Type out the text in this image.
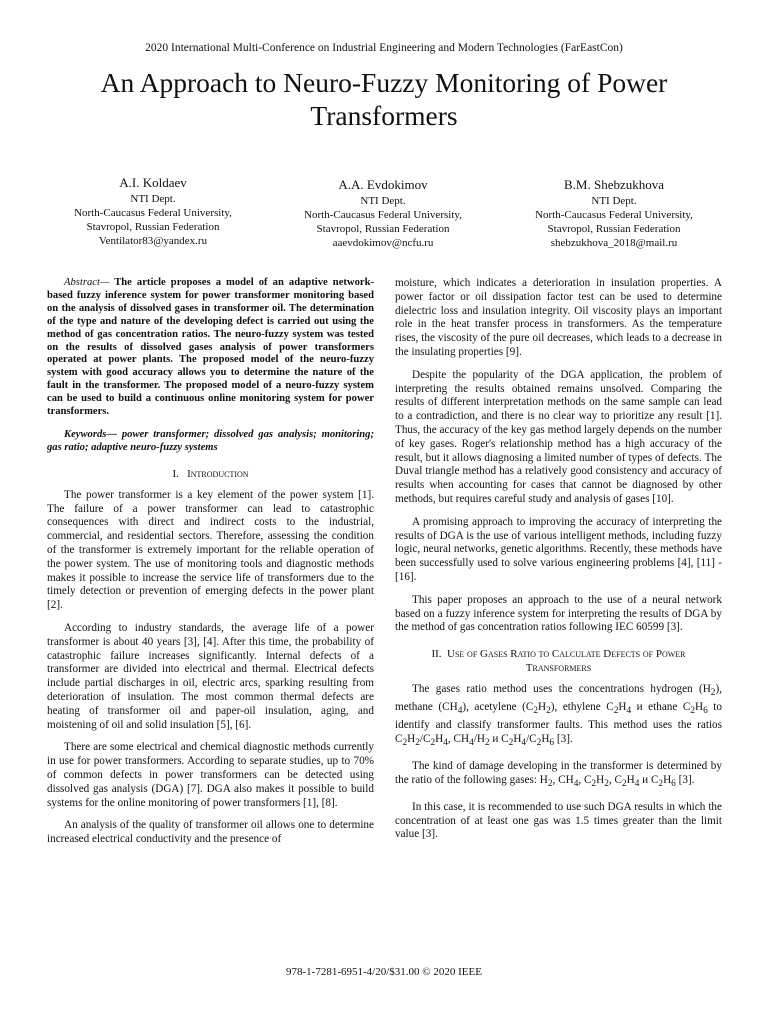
2020 International Multi-Conference on Industrial Engineering and Modern Technologies (FarEastCon)
An Approach to Neuro-Fuzzy Monitoring of Power Transformers
A.I. Koldaev
NTI Dept.
North-Caucasus Federal University,
Stavropol, Russian Federation
Ventilator83@yandex.ru
A.A. Evdokimov
NTI Dept.
North-Caucasus Federal University,
Stavropol, Russian Federation
aaevdokimov@ncfu.ru
B.M. Shebzukhova
NTI Dept.
North-Caucasus Federal University,
Stavropol, Russian Federation
shebzukhova_2018@mail.ru

Abstract— The article proposes a model of an adaptive network-based fuzzy inference system for power transformer monitoring based on the analysis of dissolved gases in transformer oil. The determination of the type and nature of the developing defect is carried out using the method of gas concentration ratios. The neuro-fuzzy system was tested on the results of dissolved gases analysis of power transformers operated at power plants. The proposed model of the neuro-fuzzy system with good accuracy allows you to determine the nature of the fault in the transformer. The proposed model of a neuro-fuzzy system can be used to build a continuous online monitoring system for power transformers.

Keywords— power transformer; dissolved gas analysis; monitoring; gas ratio; adaptive neuro-fuzzy systems

I. Introduction

The power transformer is a key element of the power system [1]. The failure of a power transformer can lead to catastrophic consequences with direct and indirect costs to the industrial, commercial, and residential sectors. Therefore, assessing the condition of the transformer is extremely important for the reliable operation of the power system. The use of monitoring tools and diagnostic methods makes it possible to increase the service life of transformers due to the timely detection or prevention of emerging defects in the power plant [2].

According to industry standards, the average life of a power transformer is about 40 years [3], [4]. After this time, the probability of catastrophic failure increases significantly. Internal defects of a transformer are divided into electrical and thermal. Electrical defects include partial discharges in oil, electric arcs, sparking resulting from deterioration of insulation. The most common thermal defects are heating of transformer oil and paper-oil insulation, aging, and moistening of oil and solid insulation [5], [6].

There are some electrical and chemical diagnostic methods currently in use for power transformers. According to separate studies, up to 70% of common defects in power transformers can be detected using dissolved gas analysis (DGA) [7]. DGA also makes it possible to build systems for the online monitoring of power transformers [1], [8].

An analysis of the quality of transformer oil allows one to determine increased electrical conductivity and the presence of

moisture, which indicates a deterioration in insulation properties. A power factor or oil dissipation factor test can be used to determine dielectric loss and insulation integrity. Oil viscosity plays an important role in the heat transfer process in transformers. As the temperature rises, the viscosity of the pure oil decreases, which leads to a decrease in the insulating properties [9].

Despite the popularity of the DGA application, the problem of interpreting the results obtained remains unsolved. Comparing the results of different interpretation methods on the same sample can lead to a contradiction, and there is no clear way to prioritize any result [1]. Thus, the accuracy of the key gas method largely depends on the number of key gases. Roger's relationship method has a high accuracy of the result, but it allows diagnosing a limited number of types of defects. The Duval triangle method has a relatively good consistency and accuracy of results when accounting for cases that cannot be diagnosed by other methods, but requires careful study and analysis of gases [10].

A promising approach to improving the accuracy of interpreting the results of DGA is the use of various intelligent methods, including fuzzy logic, neural networks, genetic algorithms. Recently, these methods have been successfully used to solve various engineering problems [4], [11] - [16].

This paper proposes an approach to the use of a neural network based on a fuzzy inference system for interpreting the results of DGA by the method of gas concentration ratios following IEC 60599 [3].

II. Use of Gases Ratio to Calculate Defects of Power
Transformers

The gases ratio method uses the concentrations hydrogen $(H_2)$, methane $(CH_4)$, acetylene $(C_2H_2)$, ethylene $C_2H_4$ и ethane $C_2H_6$ to identify and classify transformer faults. This method uses the ratios $C_2H_2/C_2H_4$, $CH_4/H_2$ и $C_2H_4/C_2H_6$ [3].

The kind of damage developing in the transformer is determined by the ratio of the following gases: $H_2$, $CH_4$, $C_2H_2$, $C_2H_4$ и $C_2H_6$ [3].

In this case, it is recommended to use such DGA results in which the concentration of at least one gas was 1.5 times greater than the limit value [3].

978-1-7281-6951-4/20/$31.00 © 2020 IEEE
